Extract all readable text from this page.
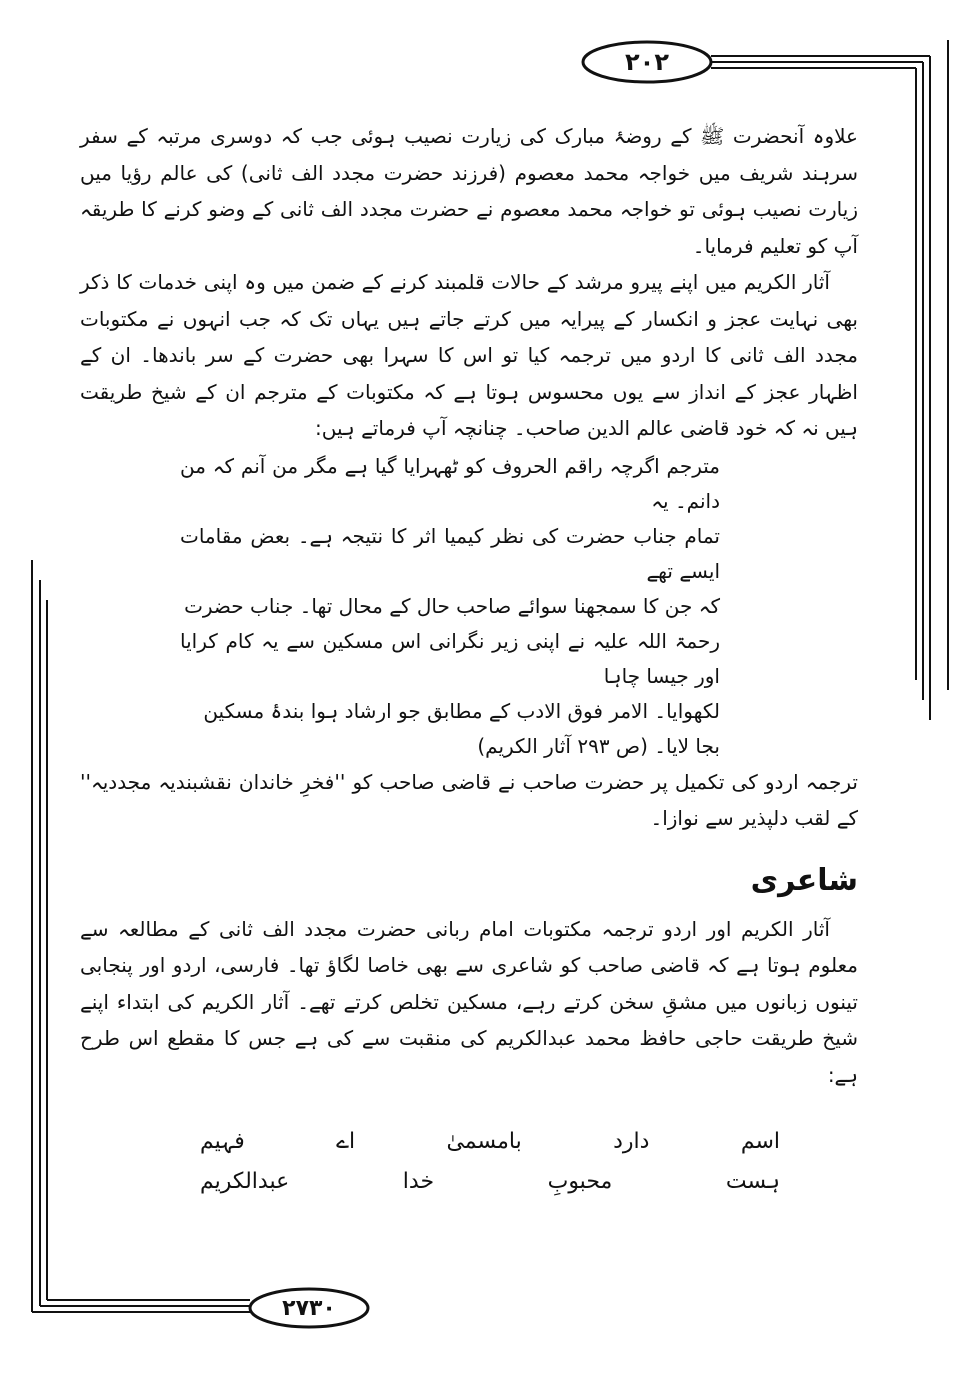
۲۰۲
۲۷۳۰

علاوہ آنحضرت ﷺ کے روضۂ مبارک کی زیارت نصیب ہوئی جب کہ دوسری مرتبہ کے سفر سرہند شریف میں خواجہ محمد معصوم (فرزند حضرت مجدد الف ثانی) کی عالم رؤیا میں زیارت نصیب ہوئی تو خواجہ محمد معصوم نے حضرت مجدد الف ثانی کے وضو کرنے کا طریقہ آپ کو تعلیم فرمایا۔

آثار الکریم میں اپنے پیرو مرشد کے حالات قلمبند کرنے کے ضمن میں وہ اپنی خدمات کا ذکر بھی نہایت عجز و انکسار کے پیرایہ میں کرتے جاتے ہیں یہاں تک کہ جب انہوں نے مکتوبات مجدد الف ثانی کا اردو میں ترجمہ کیا تو اس کا سہرا بھی حضرت کے سر باندھا۔ ان کے اظہار عجز کے انداز سے یوں محسوس ہوتا ہے کہ مکتوبات کے مترجم ان کے شیخ طریقت ہیں نہ کہ خود قاضی عالم الدین صاحب۔ چنانچہ آپ فرماتے ہیں:

مترجم اگرچہ راقم الحروف کو ٹھہرایا گیا ہے مگر من آنم کہ من دانم۔ یہ

تمام جناب حضرت کی نظر کیمیا اثر کا نتیجہ ہے۔ بعض مقامات ایسے تھے

کہ جن کا سمجھنا سوائے صاحب حال کے محال تھا۔ جناب حضرت

رحمۃ اللہ علیہ نے اپنی زیر نگرانی اس مسکین سے یہ کام کرایا اور جیسا چاہا

لکھوایا۔ الامر فوق الادب کے مطابق جو ارشاد ہوا بندۂ مسکین

بجا لایا۔ (ص ۲۹۳ آثار الکریم)

ترجمہ اردو کی تکمیل پر حضرت صاحب نے قاضی صاحب کو ''فخرِ خاندان نقشبندیہ مجددیہ'' کے لقب دلپذیر سے نوازا۔

شاعری

آثار الکریم اور اردو ترجمہ مکتوبات امام ربانی حضرت مجدد الف ثانی کے مطالعہ سے معلوم ہوتا ہے کہ قاضی صاحب کو شاعری سے بھی خاصا لگاؤ تھا۔ فارسی، اردو اور پنجابی تینوں زبانوں میں مشقِ سخن کرتے رہے، مسکین تخلص کرتے تھے۔ آثار الکریم کی ابتداء اپنے شیخ طریقت حاجی حافظ محمد عبدالکریم کی منقبت سے کی ہے جس کا مقطع اس طرح ہے:

اسم
دارد
بامسمیٰ
اے
فہیم
ہست
محبوبِ
خدا
عبدالکریم
